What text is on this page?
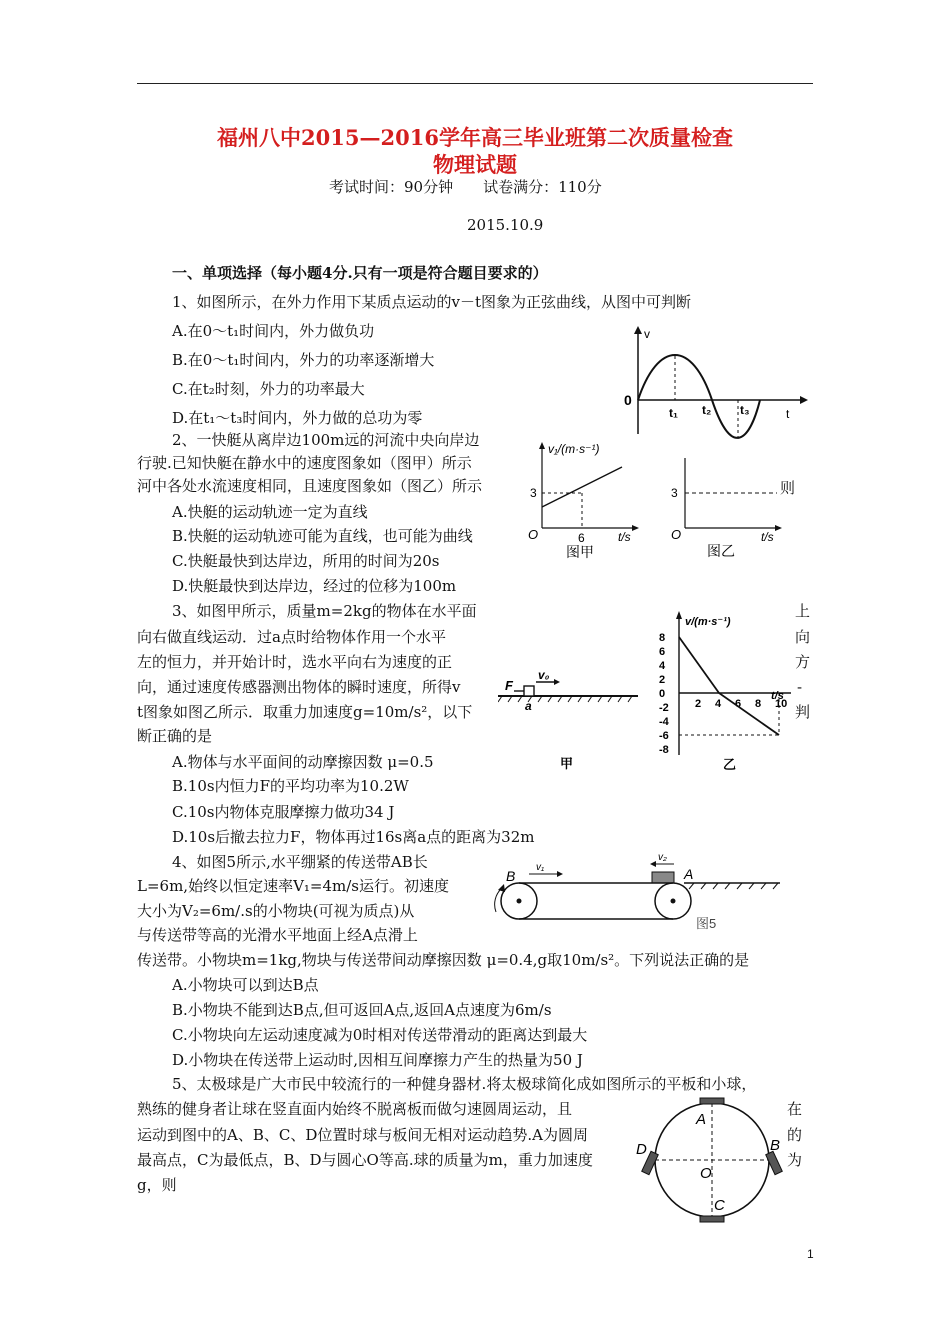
福州八中2015—2016学年高三毕业班第二次质量检查
物理试题
考试时间：90分钟　　试卷满分：110分
2015.10.9
一、单项选择（每小题4分.只有一项是符合题目要求的）
1、如图所示，在外力作用下某质点运动的v－t图象为正弦曲线，从图中可判断
A.在0～t₁时间内，外力做负功
B.在0～t₁时间内，外力的功率逐渐增大
C.在t₂时刻，外力的功率最大
D.在t₁～t₃时间内，外力做的总功为零
0
v
t₁ t₂ t₃	t
2、一快艇从离岸边100m远的河流中央向岸边
行驶.已知快艇在静水中的速度图象如（图甲）所示
河中各处水流速度相同，且速度图象如（图乙）所示	则
A.快艇的运动轨迹一定为直线
B.快艇的运动轨迹可能为直线，也可能为曲线
C.快艇最快到达岸边，所用的时间为20s
D.快艇最快到达岸边，经过的位移为100m
v₁/(m·s⁻¹)
3
6
O	t/s
图甲
3
O	t/s
图乙
3、如图甲所示，质量m=2kg的物体在水平面
向右做直线运动．过a点时给物体作用一个水平
左的恒力，并开始计时，选水平向右为速度的正
向，通过速度传感器测出物体的瞬时速度，所得v
t图象如图乙所示．取重力加速度g=10m/s²，以下
断正确的是
上
向
方
-
判
A.物体与水平面间的动摩擦因数 μ=0.5
B.10s内恒力F的平均功率为10.2W
C.10s内物体克服摩擦力做功34 J
D.10s后撤去拉力F，物体再过16s离a点的距离为32m
F
v₀
a
甲
8
6
4
2
0
-2
-4
-6
-8
2 4 6 8 10
v/(m·s⁻¹)
t/s
乙
4、如图5所示,水平绷紧的传送带AB长
L=6m,始终以恒定速率V₁=4m/s运行。初速度
大小为V₂=6m/.s的小物块(可视为质点)从
与传送带等高的光滑水平地面上经A点滑上
传送带。小物块m=1kg,物块与传送带间动摩擦因数 μ=0.4,g取10m/s²。下列说法正确的是
A.小物块可以到达B点
B.小物块不能到达B点,但可返回A点,返回A点速度为6m/s
C.小物块向左运动速度减为0时相对传送带滑动的距离达到最大
D.小物块在传送带上运动时,因相互间摩擦力产生的热量为50 J
B	A
v₁
v₂
图5
5、太极球是广大市民中较流行的一种健身器材.将太极球简化成如图所示的平板和小球，
熟练的健身者让球在竖直面内始终不脱离板而做匀速圆周运动，且
运动到图中的A、B、C、D位置时球与板间无相对运动趋势.A为圆周
最高点，C为最低点，B、D与圆心O等高.球的质量为m，重力加速度
g，则
在
的
为
A
C
D	B
O
1
